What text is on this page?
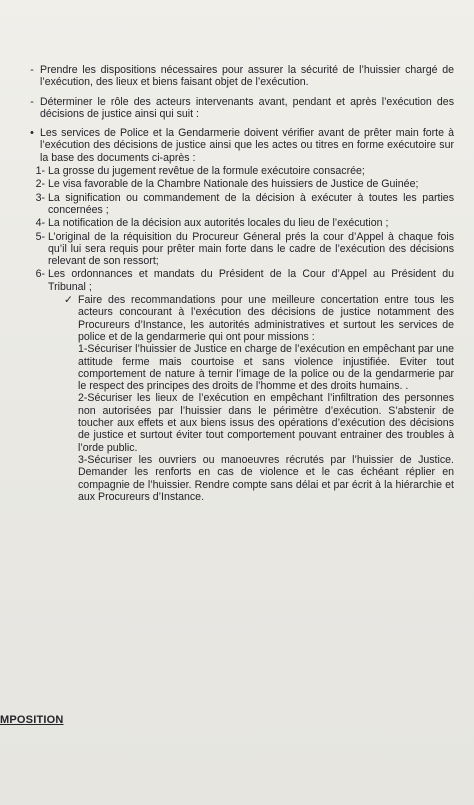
- Prendre les dispositions nécessaires pour assurer la sécurité de l’huissier chargé de l’exécution, des lieux et biens faisant objet de l’exécution.
- Déterminer le rôle des acteurs intervenants avant, pendant et après l’exécution des décisions de justice ainsi qui suit :
• Les services de Police et la Gendarmerie doivent vérifier avant de prêter main forte à l’exécution des décisions de justice ainsi que les actes ou titres en forme exécutoire sur la base des documents ci-après :
1- La grosse du jugement revêtue de la formule exécutoire consacrée;
2- Le visa favorable de la Chambre Nationale des huissiers de Justice de Guinée;
3- La signification ou commandement de la décision à exécuter à toutes les parties concernées ;
4- La notification de la décision aux autorités locales du lieu de l’exécution ;
5- L’original de la réquisition du Procureur Géneral prés la cour d’Appel à chaque fois qu’il lui sera requis pour prêter main forte dans le cadre de l’exécution des décisions relevant de son ressort;
6- Les ordonnances et mandats du Président de la Cour d’Appel au Président du Tribunal ;
✓ Faire des recommandations pour une meilleure concertation entre tous les acteurs concourant à l’exécution des décisions de justice notamment des Procureurs d’Instance, les autorités administratives et surtout les services de police et de la gendarmerie qui ont pour missions :
1-Sécuriser l’huissier de Justice en charge de l’exécution en empêchant par une attitude ferme mais courtoise et sans violence injustifiée. Eviter tout comportement de nature à ternir l’image de la police ou de la gendarmerie par le respect des principes des droits de l’homme et des droits humains. .
2-Sécuriser les lieux de l’exécution en empêchant l’infiltration des personnes non autorisées par l’huissier dans le périmètre d’exécution. S’abstenir de toucher aux effets et aux biens issus des opérations d’exécution des décisions de justice et surtout éviter tout comportement pouvant entrainer des troubles à l’orde public.
3-Sécuriser les ouvriers ou manoeuvres récrutés par l’huissier de Justice. Demander les renforts en cas de violence et le cas échéant réplier en compagnie de l’huissier. Rendre compte sans délai et par écrit à la hiérarchie et aux Procureurs d’Instance.
MPOSITION
